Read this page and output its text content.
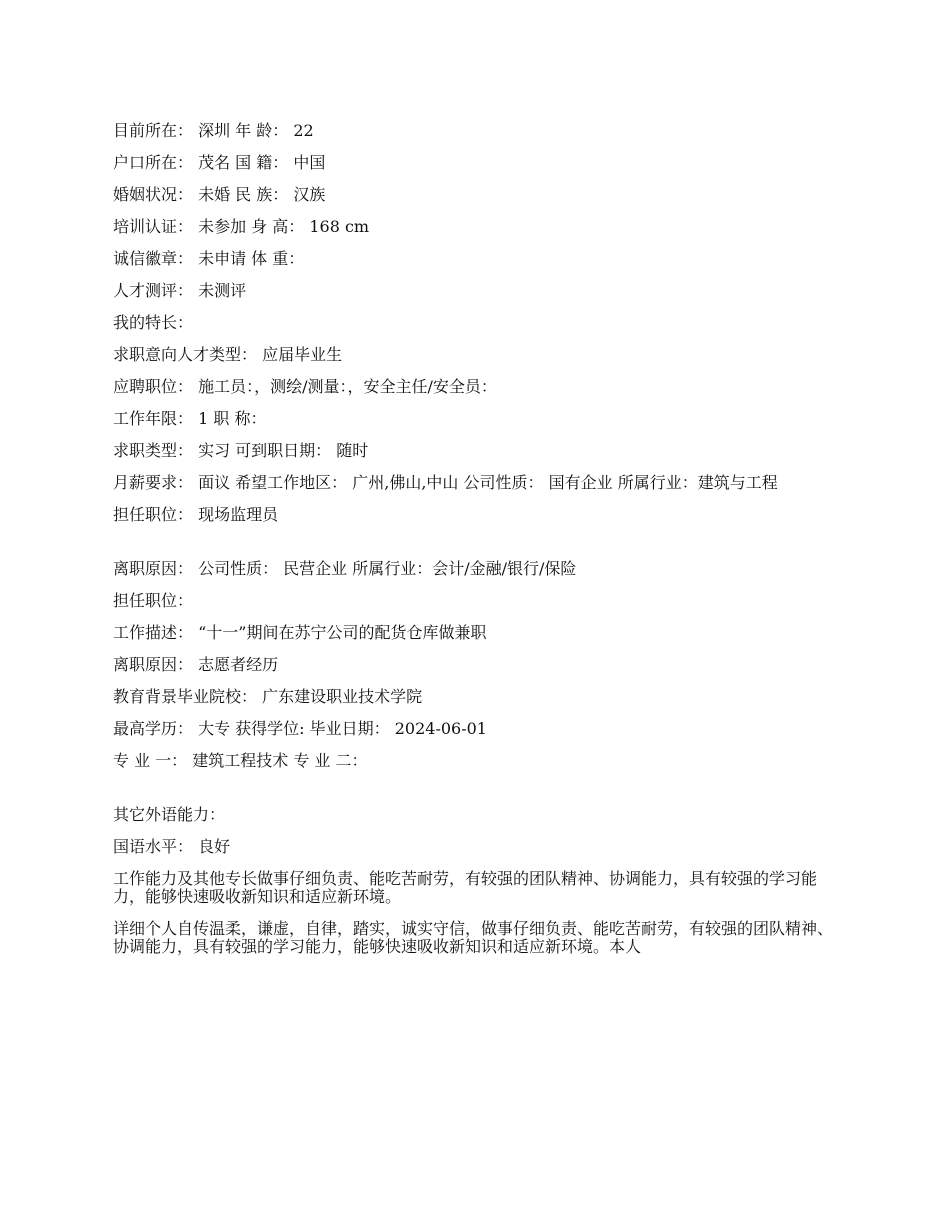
目前所在： 深圳 年 龄： 22

户口所在： 茂名 国 籍： 中国

婚姻状况： 未婚 民 族： 汉族

培训认证： 未参加 身 高： 168 cm

诚信徽章： 未申请 体 重：

人才测评： 未测评

我的特长：

求职意向人才类型： 应届毕业生

应聘职位： 施工员：，测绘/测量：，安全主任/安全员：

工作年限： 1 职 称：

求职类型： 实习 可到职日期： 随时

月薪要求： 面议 希望工作地区： 广州,佛山,中山 公司性质： 国有企业 所属行业：建筑与工程

担任职位： 现场监理员

离职原因： 公司性质： 民营企业 所属行业：会计/金融/银行/保险

担任职位：

工作描述： “十一”期间在苏宁公司的配货仓库做兼职

离职原因： 志愿者经历

教育背景毕业院校： 广东建设职业技术学院

最高学历： 大专 获得学位: 毕业日期： 2024-06-01

专 业 一： 建筑工程技术 专 业 二：

其它外语能力：

国语水平： 良好

工作能力及其他专长做事仔细负责、能吃苦耐劳，有较强的团队精神、协调能力，具有较强的学习能力，能够快速吸收新知识和适应新环境。

详细个人自传温柔，谦虚，自律，踏实，诚实守信，做事仔细负责、能吃苦耐劳，有较强的团队精神、协调能力，具有较强的学习能力，能够快速吸收新知识和适应新环境。本人
